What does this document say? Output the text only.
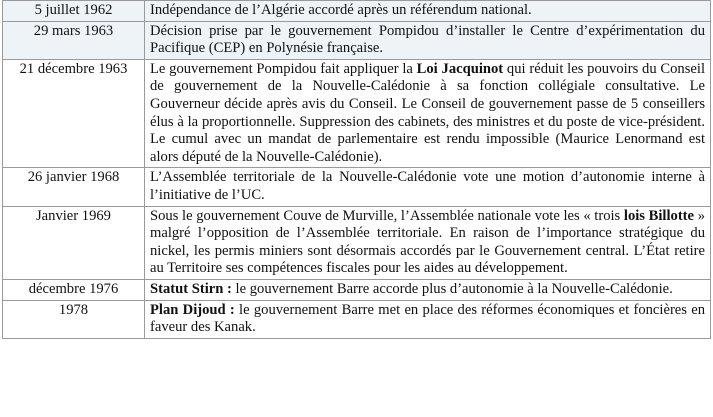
5 juillet 1962	Indépendance de l’Algérie accordé après un référendum national.
29 mars 1963	Décision prise par le gouvernement Pompidou d’installer le Centre d’expérimentation du Pacifique (CEP) en Polynésie française.
21 décembre 1963	Le gouvernement Pompidou fait appliquer la Loi Jacquinot qui réduit les pouvoirs du Conseil de gouvernement de la Nouvelle-Calédonie à sa fonction collégiale consultative. Le Gouverneur décide après avis du Conseil. Le Conseil de gouvernement passe de 5 conseillers élus à la proportionnelle. Suppression des cabinets, des ministres et du poste de vice-président. Le cumul avec un mandat de parlementaire est rendu impossible (Maurice Lenormand est alors député de la Nouvelle-Calédonie).
26 janvier 1968	L’Assemblée territoriale de la Nouvelle-Calédonie vote une motion d’autonomie interne à l’initiative de l’UC.
Janvier 1969	Sous le gouvernement Couve de Murville, l’Assemblée nationale vote les « trois lois Billotte » malgré l’opposition de l’Assemblée territoriale. En raison de l’importance stratégique du nickel, les permis miniers sont désormais accordés par le Gouvernement central. L’État retire au Territoire ses compétences fiscales pour les aides au développement.
décembre 1976	Statut Stirn : le gouvernement Barre accorde plus d’autonomie à la Nouvelle-Calédonie.
1978	Plan Dijoud : le gouvernement Barre met en place des réformes économiques et foncières en faveur des Kanak.
